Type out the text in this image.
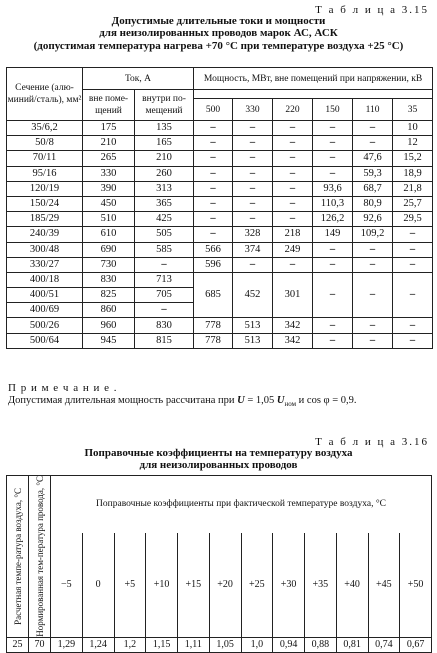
Т а б л и ц а 3.15
Допустимые длительные токи и мощности
для неизолированных проводов марок АС, АСК
(допустимая температура нагрева +70 °С при температуре воздуха +25 °С)
Сечение (алю-миний/сталь), мм²	Ток, А		Мощность, МВт, вне помещений при напряжении, кВ					
	вне поме-щений	внутри по-мещений						
			500	330	220	150	110	35
35/6,2	175	135	–	–	–	–	–	10
50/8	210	165	–	–	–	–	–	12
70/11	265	210	–	–	–	–	47,6	15,2
95/16	330	260	–	–	–	–	59,3	18,9
120/19	390	313	–	–	–	93,6	68,7	21,8
150/24	450	365	–	–	–	110,3	80,9	25,7
185/29	510	425	–	–	–	126,2	92,6	29,5
240/39	610	505	–	328	218	149	109,2	–
300/48	690	585	566	374	249	–	–	–
330/27	730	–	596	–	–	–	–	–
400/18	830	713	685	452	301	–	–	–
400/51	825	705						
400/69	860	–						
500/26	960	830	778	513	342	–	–	–
500/64	945	815	778	513	342	–	–	–
П р и м е ч а н и е .
Допустимая длительная мощность рассчитана при U = 1,05 $U_{ном}$ и cos φ = 0,9.
Т а б л и ц а 3.16
Поправочные коэффициенты на температуру воздуха
для неизолированных проводов
Расчетная темпе-ратура воздуха, °С	Нормированная тем-пература провода, °С	Поправочные коэффициенты при фактической температуре воздуха, °С											
		−5	0	+5	+10	+15	+20	+25	+30	+35	+40	+45	+50
25	70	1,29	1,24	1,2	1,15	1,11	1,05	1,0	0,94	0,88	0,81	0,74	0,67
